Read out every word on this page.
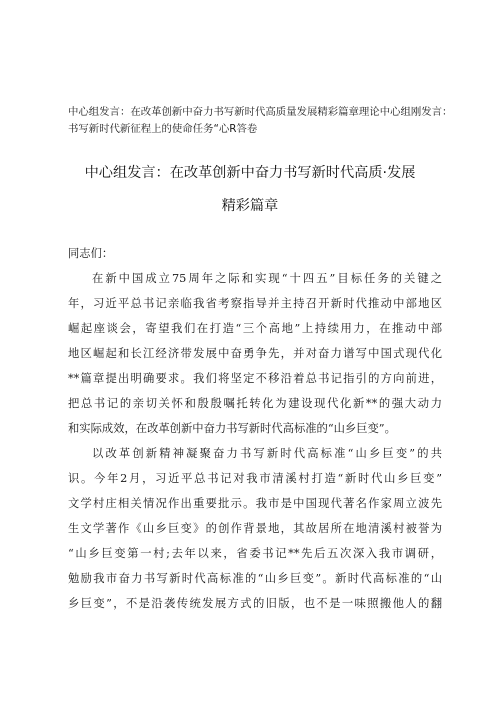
中心组发言：在改革创新中奋力书写新时代高质量发展精彩篇章理论中心组刚发言：
书写新时代新征程上的使命任务“心R答卷
中心组发言：在改革创新中奋力书写新时代高质·发展
精彩篇章
同志们：
在新中国成立75周年之际和实现“十四五”目标任务的关键之
年，习近平总书记亲临我省考察指导并主持召开新时代推动中部地区
崛起座谈会，寄望我们在打造“三个高地”上持续用力，在推动中部
地区崛起和长江经济带发展中奋勇争先，并对奋力谱写中国式现代化
**篇章提出明确要求。我们将坚定不移沿着总书记指引的方向前进，
把总书记的亲切关怀和殷殷嘱托转化为建设现代化新**的强大动力
和实际成效，在改革创新中奋力书写新时代高标准的“山乡巨变”。
以改革创新精神凝聚奋力书写新时代高标准“山乡巨变”的共
识。今年2月，习近平总书记对我市清溪村打造“新时代山乡巨变”
文学村庄相关情况作出重要批示。我市是中国现代著名作家周立波先
生文学著作《山乡巨变》的创作背景地，其故居所在地清溪村被誉为
“山乡巨变第一村;去年以来，省委书记**先后五次深入我市调研，
勉励我市奋力书写新时代高标准的“山乡巨变”。新时代高标准的“山
乡巨变”，不是沿袭传统发展方式的旧版，也不是一味照搬他人的翻
